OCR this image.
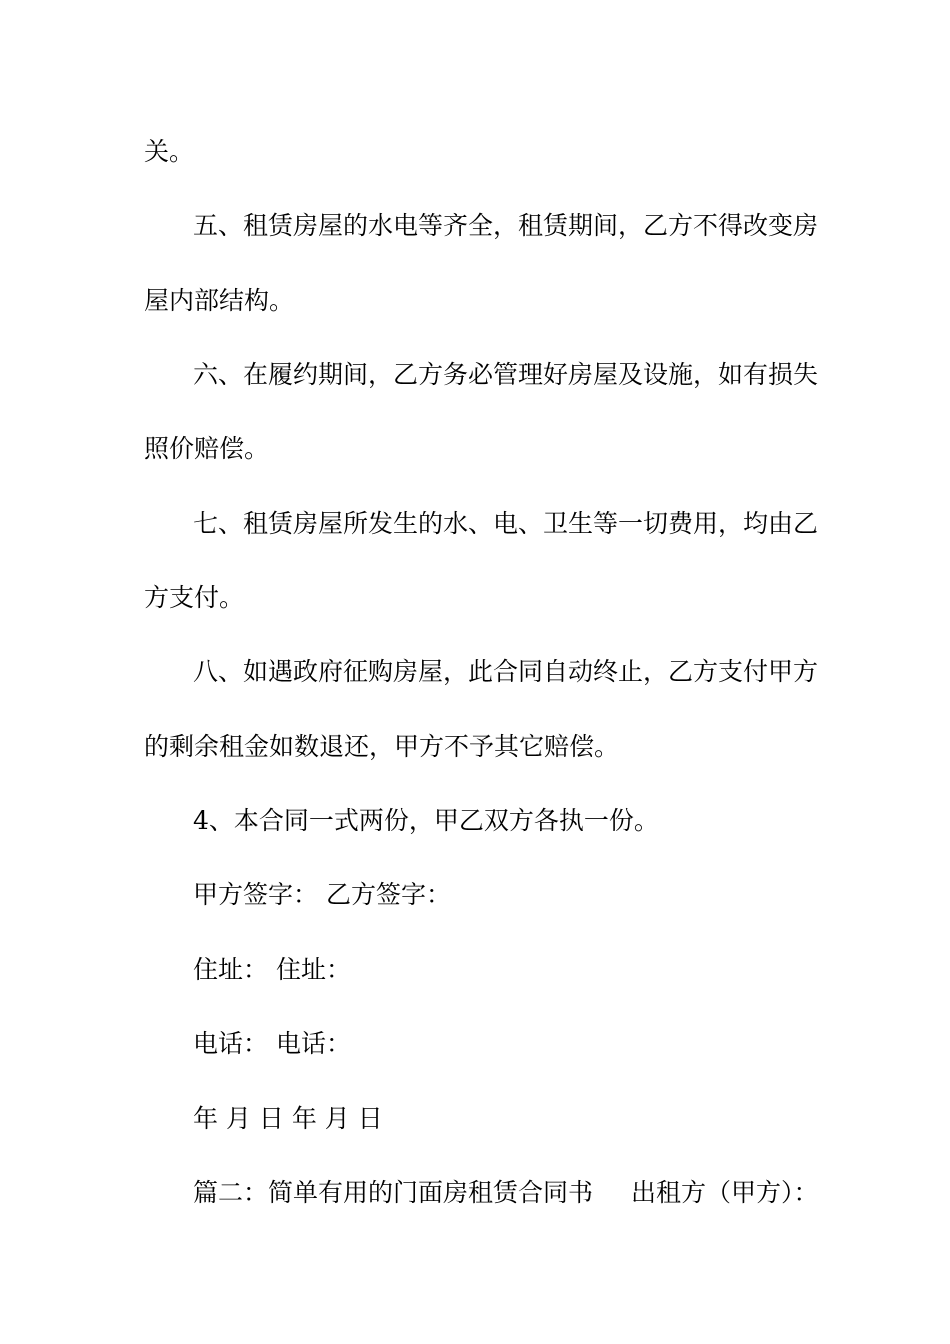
关。

五、租赁房屋的水电等齐全，租赁期间，乙方不得改变房

屋内部结构。

六、在履约期间，乙方务必管理好房屋及设施，如有损失

照价赔偿。

七、租赁房屋所发生的水、电、卫生等一切费用，均由乙

方支付。

八、如遇政府征购房屋，此合同自动终止，乙方支付甲方

的剩余租金如数退还，甲方不予其它赔偿。

4、本合同一式两份，甲乙双方各执一份。

甲方签字： 乙方签字：

住址： 住址：

电话： 电话：

年 月 日 年 月 日

篇二：简单有用的门面房租赁合同书 出租方（甲方）：
